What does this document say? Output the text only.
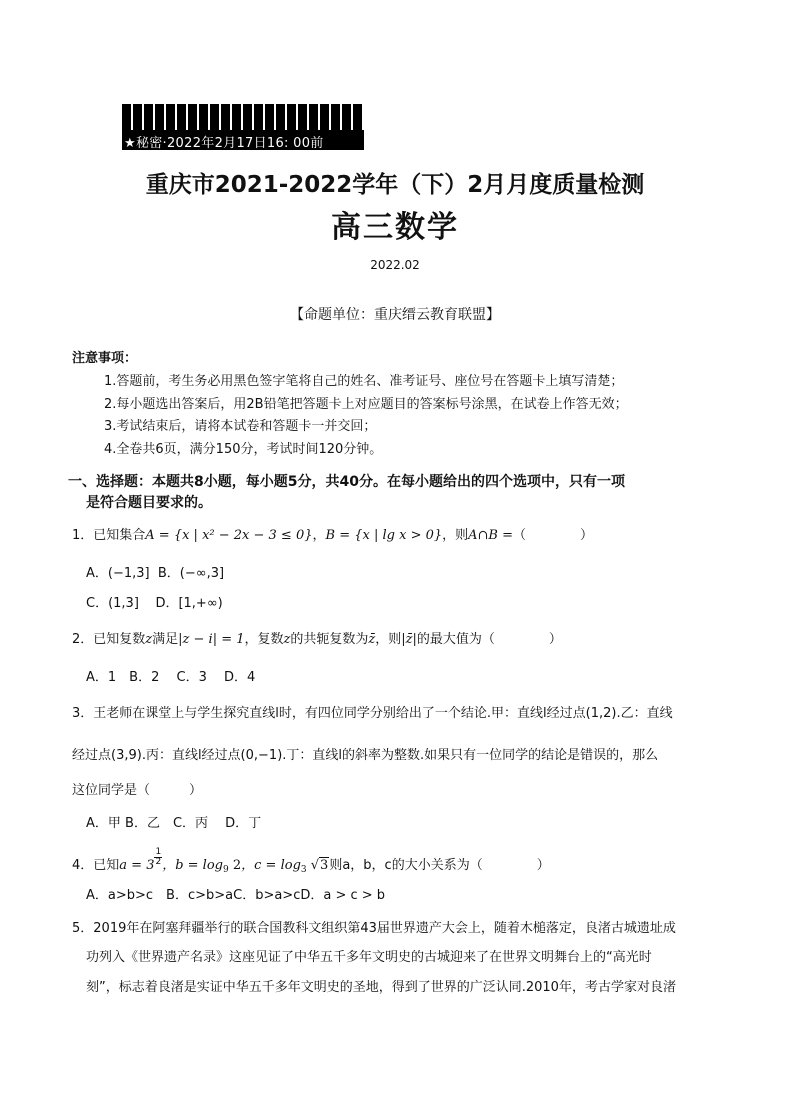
★秘密·2022年2月17日16: 00前
重庆市2021-2022学年（下）2月月度质量检测
高三数学
2022.02
【命题单位：重庆缙云教育联盟】
注意事项：
1.答题前，考生务必用黑色签字笔将自己的姓名、准考证号、座位号在答题卡上填写清楚；
2.每小题选出答案后，用2B铅笔把答题卡上对应题目的答案标号涂黑，在试卷上作答无效；
3.考试结束后，请将本试卷和答题卡一并交回；
4.全卷共6页，满分150分，考试时间120分钟。
一、选择题：本题共8小题，每小题5分，共40分。在每小题给出的四个选项中，只有一项
是符合题目要求的。
1．已知集合A = {x | x² − 2x − 3 ≤ 0}，B = {x | lg x > 0}，则A∩B =（	）
A．(−1,3] B．(−∞,3]
C．(1,3] D．[1,+∞)
2．已知复数z满足|z − i| = 1，复数z的共轭复数为z̄，则|z̄|的最大值为（	）
A．1　B．2　 C．3　 D．4
3．王老师在课堂上与学生探究直线l时，有四位同学分别给出了一个结论.甲：直线l经过点(1,2).乙：直线
经过点(3,9).丙：直线l经过点(0,−1).丁：直线l的斜率为整数.如果只有一位同学的结论是错误的，那么
这位同学是（　　　）
A．甲 B．乙　C．丙　 D．丁
4．已知$a = 3 \frac{1}{2}$ ，$b = \log_9 2$，$c = \log_3 √3$则a，b，c的大小关系为（	）
A．a>b>c　B．c>b>aC．b>a>cD．a > c > b
5．2019年在阿塞拜疆举行的联合国教科文组织第43届世界遗产大会上，随着木槌落定，良渚古城遗址成
功列入《世界遗产名录》这座见证了中华五千多年文明史的古城迎来了在世界文明舞台上的“高光时
刻”，标志着良渚是实证中华五千多年文明史的圣地，得到了世界的广泛认同.2010年，考古学家对良渚
